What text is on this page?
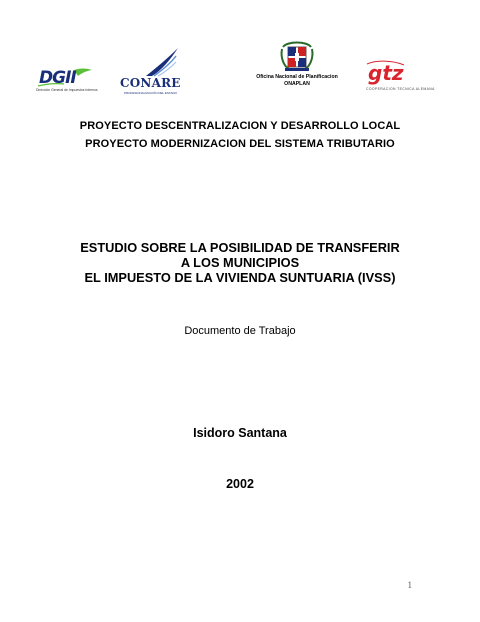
DGII
Dirección General de Impuestos Internos CONARE
PROFESIONALIZACIÓN DEL ESTADO
Oficina Nacional de Planificacion
ONAPLAN	gtz
COOPERACION TECNICA ALEMANA
PROYECTO DESCENTRALIZACION Y DESARROLLO LOCAL
PROYECTO MODERNIZACION DEL SISTEMA TRIBUTARIO
ESTUDIO SOBRE LA POSIBILIDAD DE TRANSFERIR
A LOS MUNICIPIOS
EL IMPUESTO DE LA VIVIENDA SUNTUARIA (IVSS)
Documento de Trabajo
Isidoro Santana
2002
1
